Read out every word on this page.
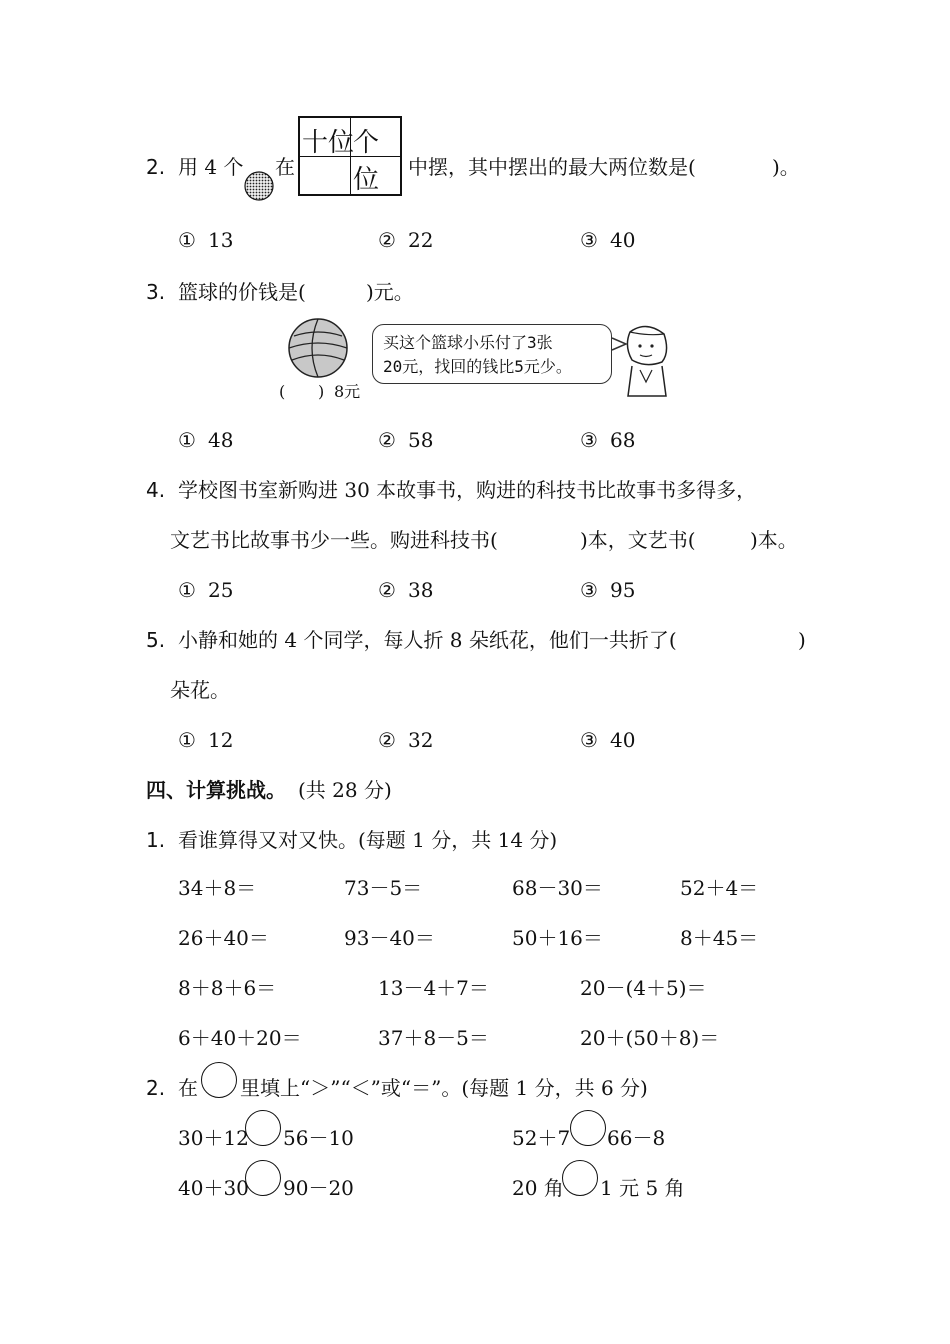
2. 用 4 个 在
十位
个位	中摆，其中摆出的最大两位数是(	)。
① 13	② 22	③ 40
3. 篮球的价钱是(	)元。
( ) 8元
买这个篮球小乐付了3张
20元，找回的钱比5元少。
① 48	② 58	③ 68
4. 学校图书室新购进 30 本故事书，购进的科技书比故事书多得多，
文艺书比故事书少一些。购进科技书(	)本，文艺书(	)本。
① 25	② 38	③ 95
5. 小静和她的 4 个同学，每人折 8 朵纸花，他们一共折了(	)
朵花。
① 12	② 32	③ 40
四、计算挑战。 (共 28 分)
1. 看谁算得又对又快。(每题 1 分，共 14 分)
34＋8＝	73－5＝	68－30＝	52＋4＝
26＋40＝	93－40＝	50＋16＝	8＋45＝
8＋8＋6＝	13－4＋7＝	20－(4＋5)＝
6＋40＋20＝	37＋8－5＝	20＋(50＋8)＝
2. 在 里填上“＞”“＜”或“＝”。(每题 1 分，共 6 分)
30＋12 56－10	52＋7 66－8
40＋30 90－20	20 角 1 元 5 角
